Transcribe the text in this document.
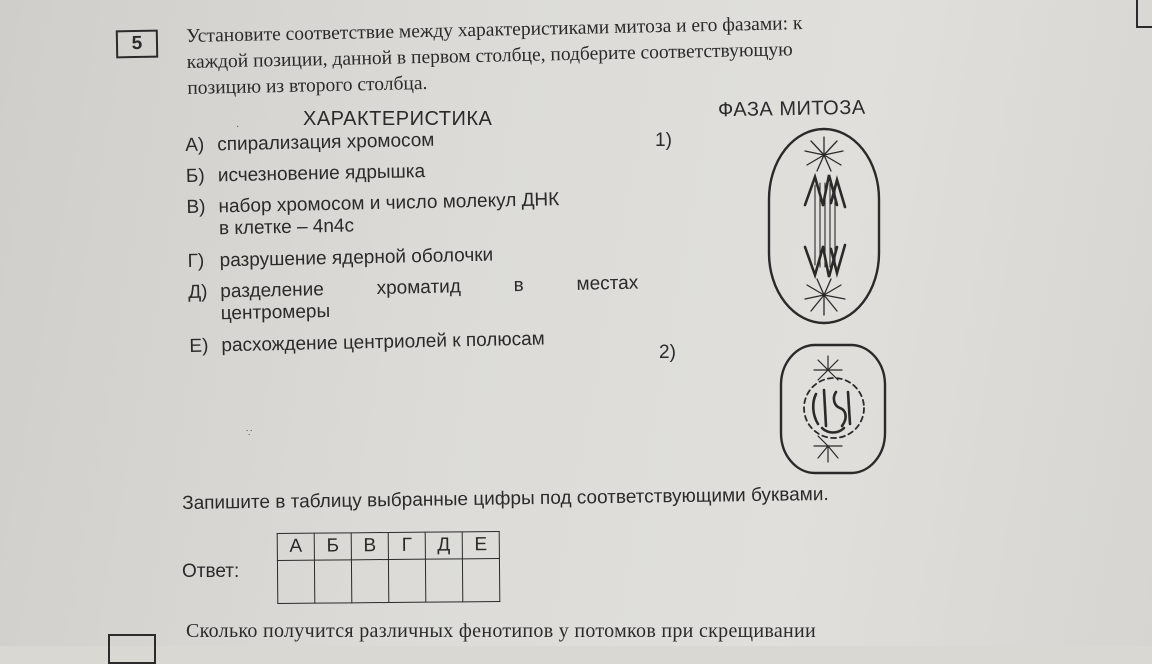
5 Установите соответствие между характеристиками митоза и его фазами: к
каждой позиции, данной в первом столбце, подберите соответствующую
позицию из второго столбца.
ХАРАКТЕРИСТИКА	ФАЗА МИТОЗА
А) спирализация хромосом
Б) исчезновение ядрышка
В) набор хромосом и число молекул ДНК
в клетке – 4n4c
Г) разрушение ядерной оболочки
Д) разделение	хроматид	в	местах
центромеры
Е) расхождение центриолей к полюсам
1)
2)
Запишите в таблицу выбранные цифры под соответствующими буквами.
Ответ:
А	Б	В	Г	Д	Е

Сколько получится различных фенотипов у потомков при скрещивании
·
∵
